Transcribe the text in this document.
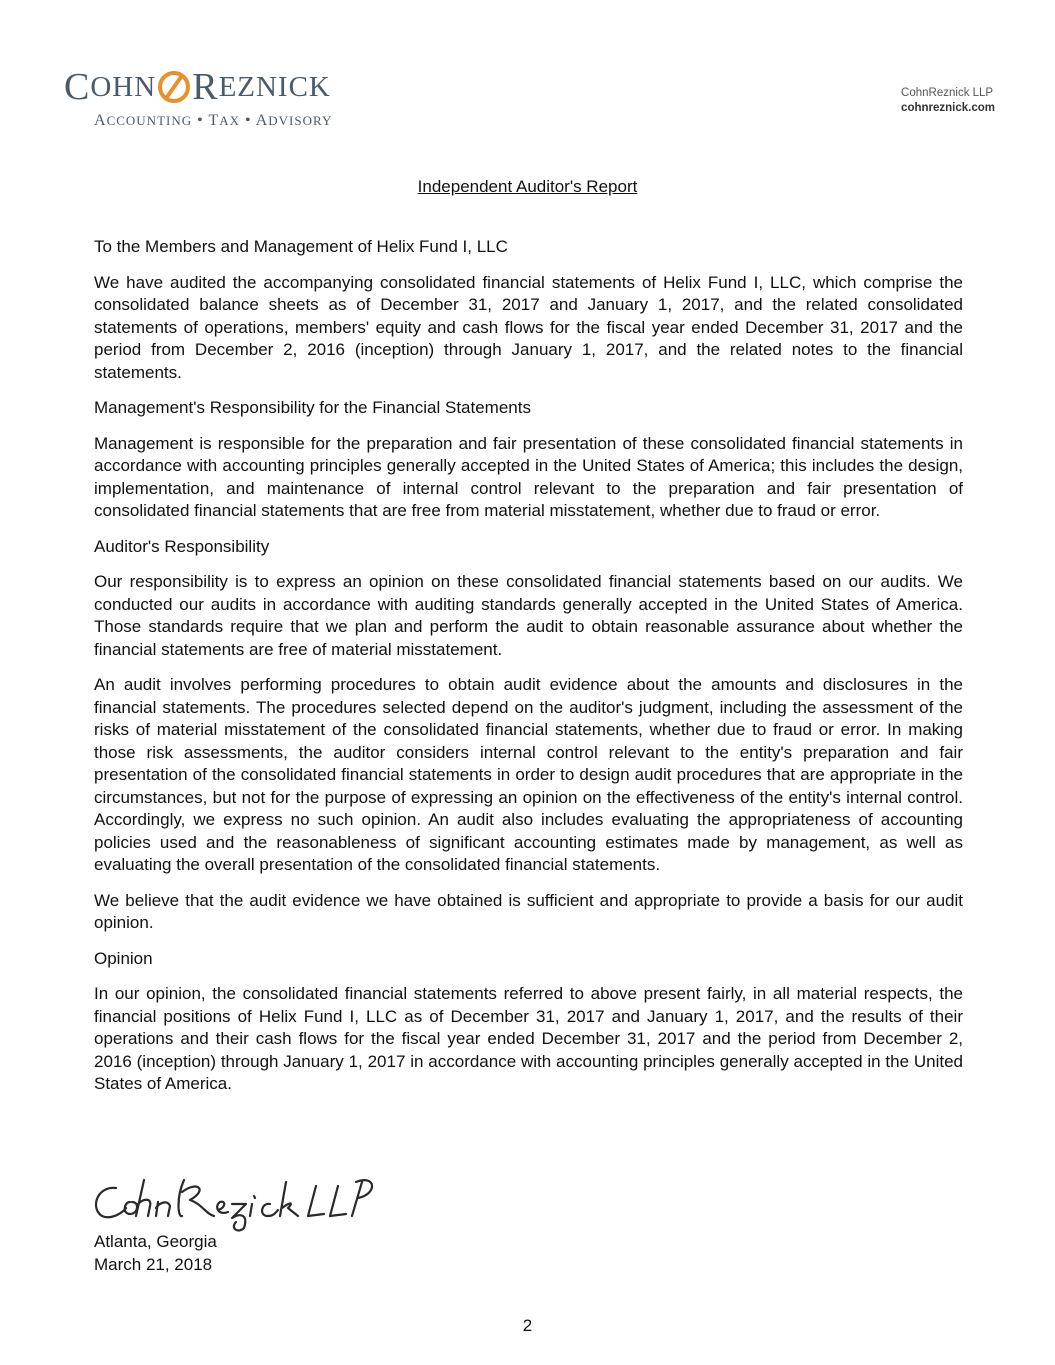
C OHN R EZNICK
ACCOUNTING • TAX • ADVISORY
CohnReznick LLP
cohnreznick.com
Independent Auditor's Report

To the Members and Management of Helix Fund I, LLC

We have audited the accompanying consolidated financial statements of Helix Fund I, LLC, which comprise the consolidated balance sheets as of December 31, 2017 and January 1, 2017, and the related consolidated statements of operations, members' equity and cash flows for the fiscal year ended December 31, 2017 and the period from December 2, 2016 (inception) through January 1, 2017, and the related notes to the financial statements.

Management's Responsibility for the Financial Statements

Management is responsible for the preparation and fair presentation of these consolidated financial statements in accordance with accounting principles generally accepted in the United States of America; this includes the design, implementation, and maintenance of internal control relevant to the preparation and fair presentation of consolidated financial statements that are free from material misstatement, whether due to fraud or error.

Auditor's Responsibility

Our responsibility is to express an opinion on these consolidated financial statements based on our audits. We conducted our audits in accordance with auditing standards generally accepted in the United States of America. Those standards require that we plan and perform the audit to obtain reasonable assurance about whether the financial statements are free of material misstatement.

An audit involves performing procedures to obtain audit evidence about the amounts and disclosures in the financial statements. The procedures selected depend on the auditor's judgment, including the assessment of the risks of material misstatement of the consolidated financial statements, whether due to fraud or error. In making those risk assessments, the auditor considers internal control relevant to the entity's preparation and fair presentation of the consolidated financial statements in order to design audit procedures that are appropriate in the circumstances, but not for the purpose of expressing an opinion on the effectiveness of the entity's internal control. Accordingly, we express no such opinion. An audit also includes evaluating the appropriateness of accounting policies used and the reasonableness of significant accounting estimates made by management, as well as evaluating the overall presentation of the consolidated financial statements.

We believe that the audit evidence we have obtained is sufficient and appropriate to provide a basis for our audit opinion.

Opinion

In our opinion, the consolidated financial statements referred to above present fairly, in all material respects, the financial positions of Helix Fund I, LLC as of December 31, 2017 and January 1, 2017, and the results of their operations and their cash flows for the fiscal year ended December 31, 2017 and the period from December 2, 2016 (inception) through January 1, 2017 in accordance with accounting principles generally accepted in the United States of America.

Atlanta, Georgia
March 21, 2018
2
